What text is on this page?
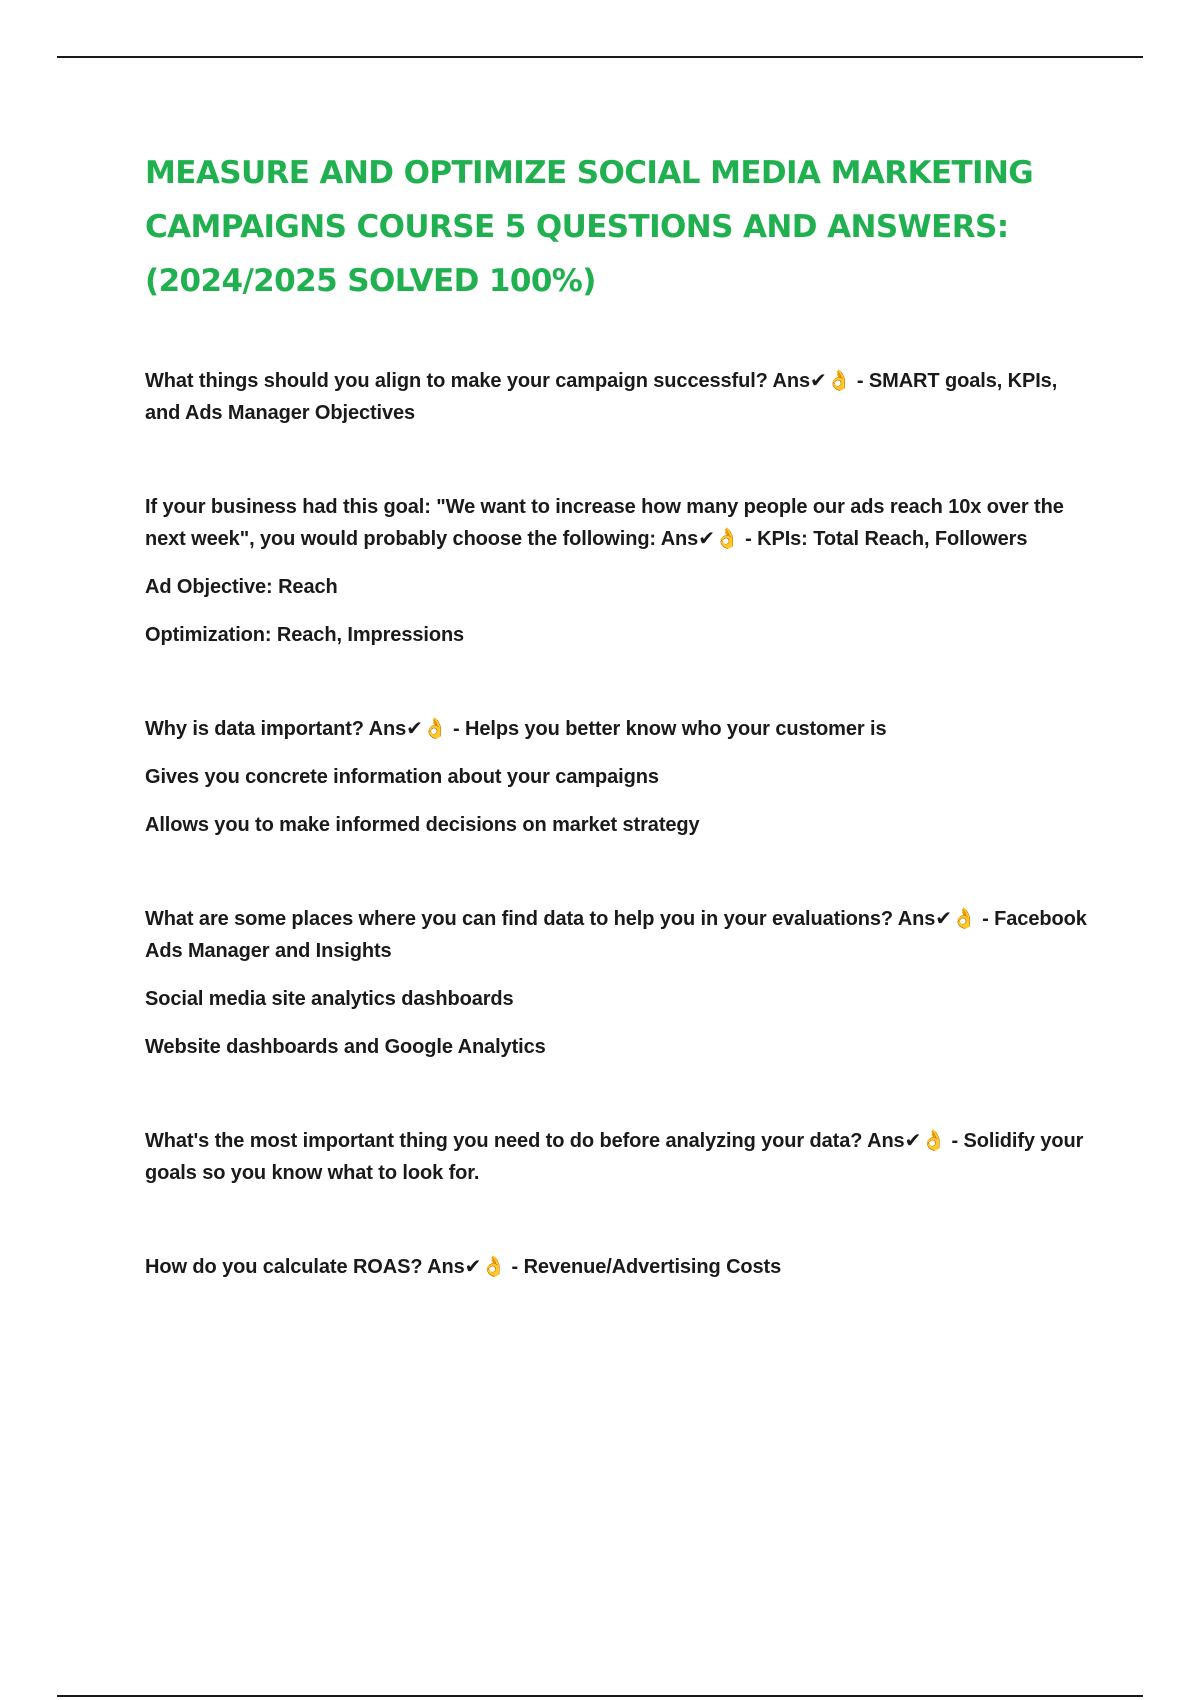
MEASURE AND OPTIMIZE SOCIAL MEDIA MARKETING
CAMPAIGNS COURSE 5 QUESTIONS AND ANSWERS:
(2024/2025 SOLVED 100%)

What things should you align to make your campaign successful? Ans✔👌 - SMART goals, KPIs, and Ads Manager Objectives

If your business had this goal: "We want to increase how many people our ads reach 10x over the next week", you would probably choose the following: Ans✔👌 - KPIs: Total Reach, Followers

Ad Objective: Reach

Optimization: Reach, Impressions

Why is data important? Ans✔👌 - Helps you better know who your customer is

Gives you concrete information about your campaigns

Allows you to make informed decisions on market strategy

What are some places where you can find data to help you in your evaluations? Ans✔👌 - Facebook Ads Manager and Insights

Social media site analytics dashboards

Website dashboards and Google Analytics

What's the most important thing you need to do before analyzing your data? Ans✔👌 - Solidify your goals so you know what to look for.

How do you calculate ROAS? Ans✔👌 - Revenue/Advertising Costs
